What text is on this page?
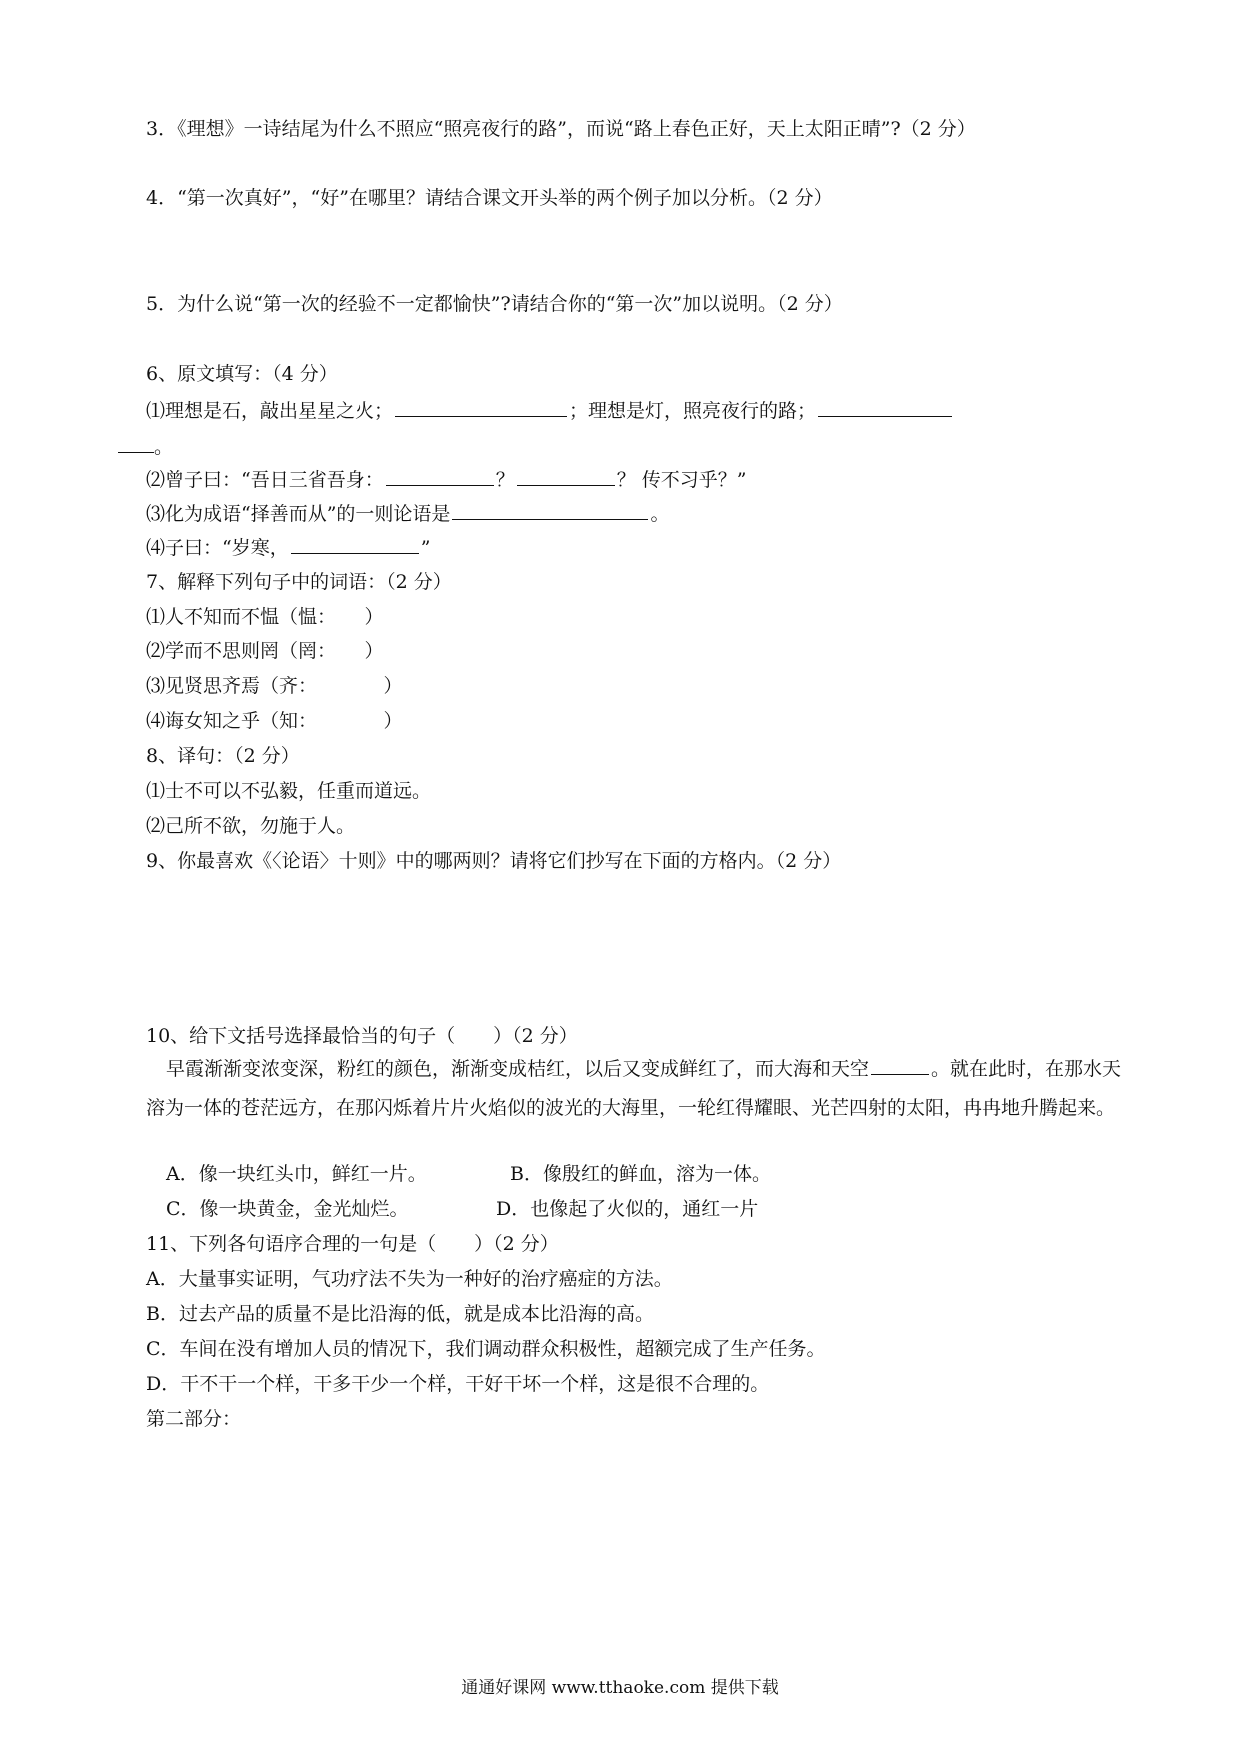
3．《理想》一诗结尾为什么不照应“照亮夜行的路”，而说“路上春色正好，天上太阳正晴”?（2 分）
4．“第一次真好”，“好”在哪里？请结合课文开头举的两个例子加以分析。（2 分）
5．为什么说“第一次的经验不一定都愉快”?请结合你的“第一次”加以说明。（2 分）
6、原文填写：（4 分）
⑴理想是石，敲出星星之火；	；理想是灯，照亮夜行的路；
。
⑵曾子曰：“吾日三省吾身：	？	？ 传不习乎？”
⑶化为成语“择善而从”的一则论语是	。
⑷子曰：“岁寒，	”
7、解释下列句子中的词语：（2 分）
⑴人不知而不愠（愠：　　）
⑵学而不思则罔（罔：　　）
⑶见贤思齐焉（齐：　　　　）
⑷诲女知之乎（知：　　　　）
8、译句：（2 分）
⑴士不可以不弘毅，任重而道远。
⑵己所不欲，勿施于人。
9、你最喜欢《〈论语〉十则》中的哪两则？请将它们抄写在下面的方格内。（2 分）
10、给下文括号选择最恰当的句子（　　）（2 分）
早霞渐渐变浓变深，粉红的颜色，渐渐变成桔红，以后又变成鲜红了，而大海和天空	。就在此时，在那水天溶为一体的苍茫远方，在那闪烁着片片火焰似的波光的大海里，一轮红得耀眼、光芒四射的太阳，冉冉地升腾起来。
A．像一块红头巾，鲜红一片。	B．像殷红的鲜血，溶为一体。
C．像一块黄金，金光灿烂。	D．也像起了火似的，通红一片
11、下列各句语序合理的一句是（　　）（2 分）
A．大量事实证明，气功疗法不失为一种好的治疗癌症的方法。
B．过去产品的质量不是比沿海的低，就是成本比沿海的高。
C．车间在没有增加人员的情况下，我们调动群众积极性，超额完成了生产任务。
D．干不干一个样，干多干少一个样，干好干坏一个样，这是很不合理的。
第二部分：
通通好课网 www.tthaoke.com 提供下载
